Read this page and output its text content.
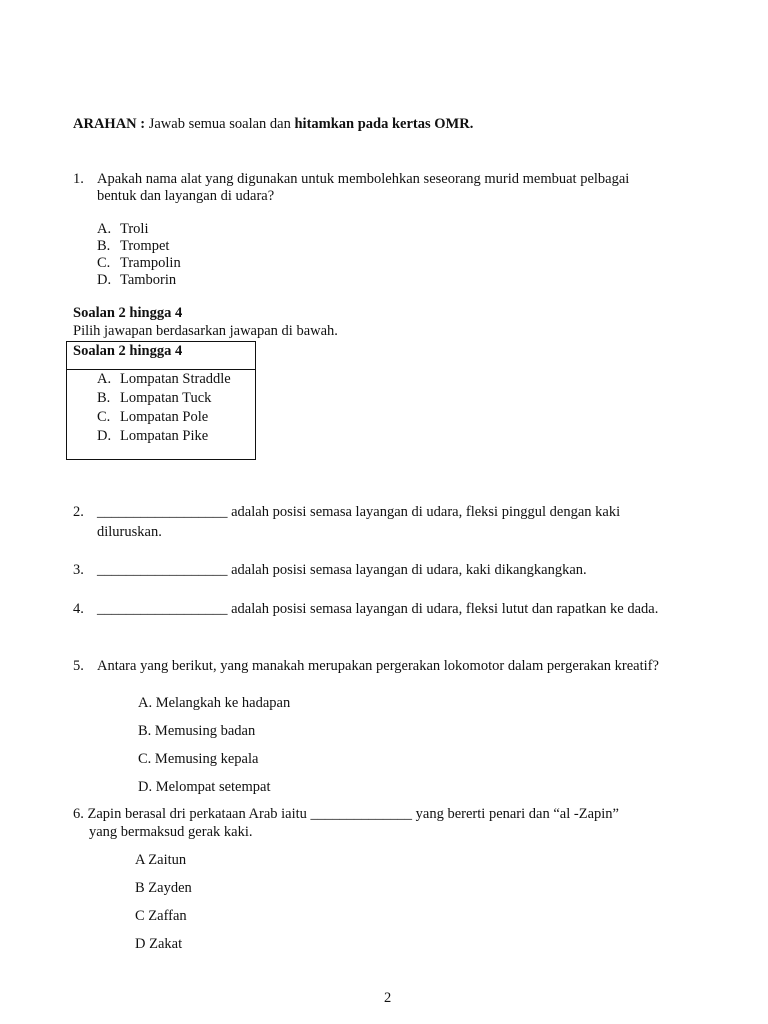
ARAHAN : Jawab semua soalan dan hitamkan pada kertas OMR.
1. Apakah nama alat yang digunakan untuk membolehkan seseorang murid membuat pelbagai
bentuk dan layangan di udara?
A. Troli
B. Trompet
C. Trampolin
D. Tamborin
Soalan 2 hingga 4
Pilih jawapan berdasarkan jawapan di bawah.
Soalan 2 hingga 4
A. Lompatan Straddle
B. Lompatan Tuck
C. Lompatan Pole
D. Lompatan Pike
2. __________________ adalah posisi semasa layangan di udara, fleksi pinggul dengan kaki
diluruskan.
3. __________________ adalah posisi semasa layangan di udara, kaki dikangkangkan.
4. __________________ adalah posisi semasa layangan di udara, fleksi lutut dan rapatkan ke dada.
5. Antara yang berikut, yang manakah merupakan pergerakan lokomotor dalam pergerakan kreatif?
A. Melangkah ke hadapan
B. Memusing badan
C. Memusing kepala
D. Melompat setempat
6. Zapin berasal dri perkataan Arab iaitu ______________ yang bererti penari dan “al -Zapin”
yang bermaksud gerak kaki.
A Zaitun
B Zayden
C Zaffan
D Zakat
2
